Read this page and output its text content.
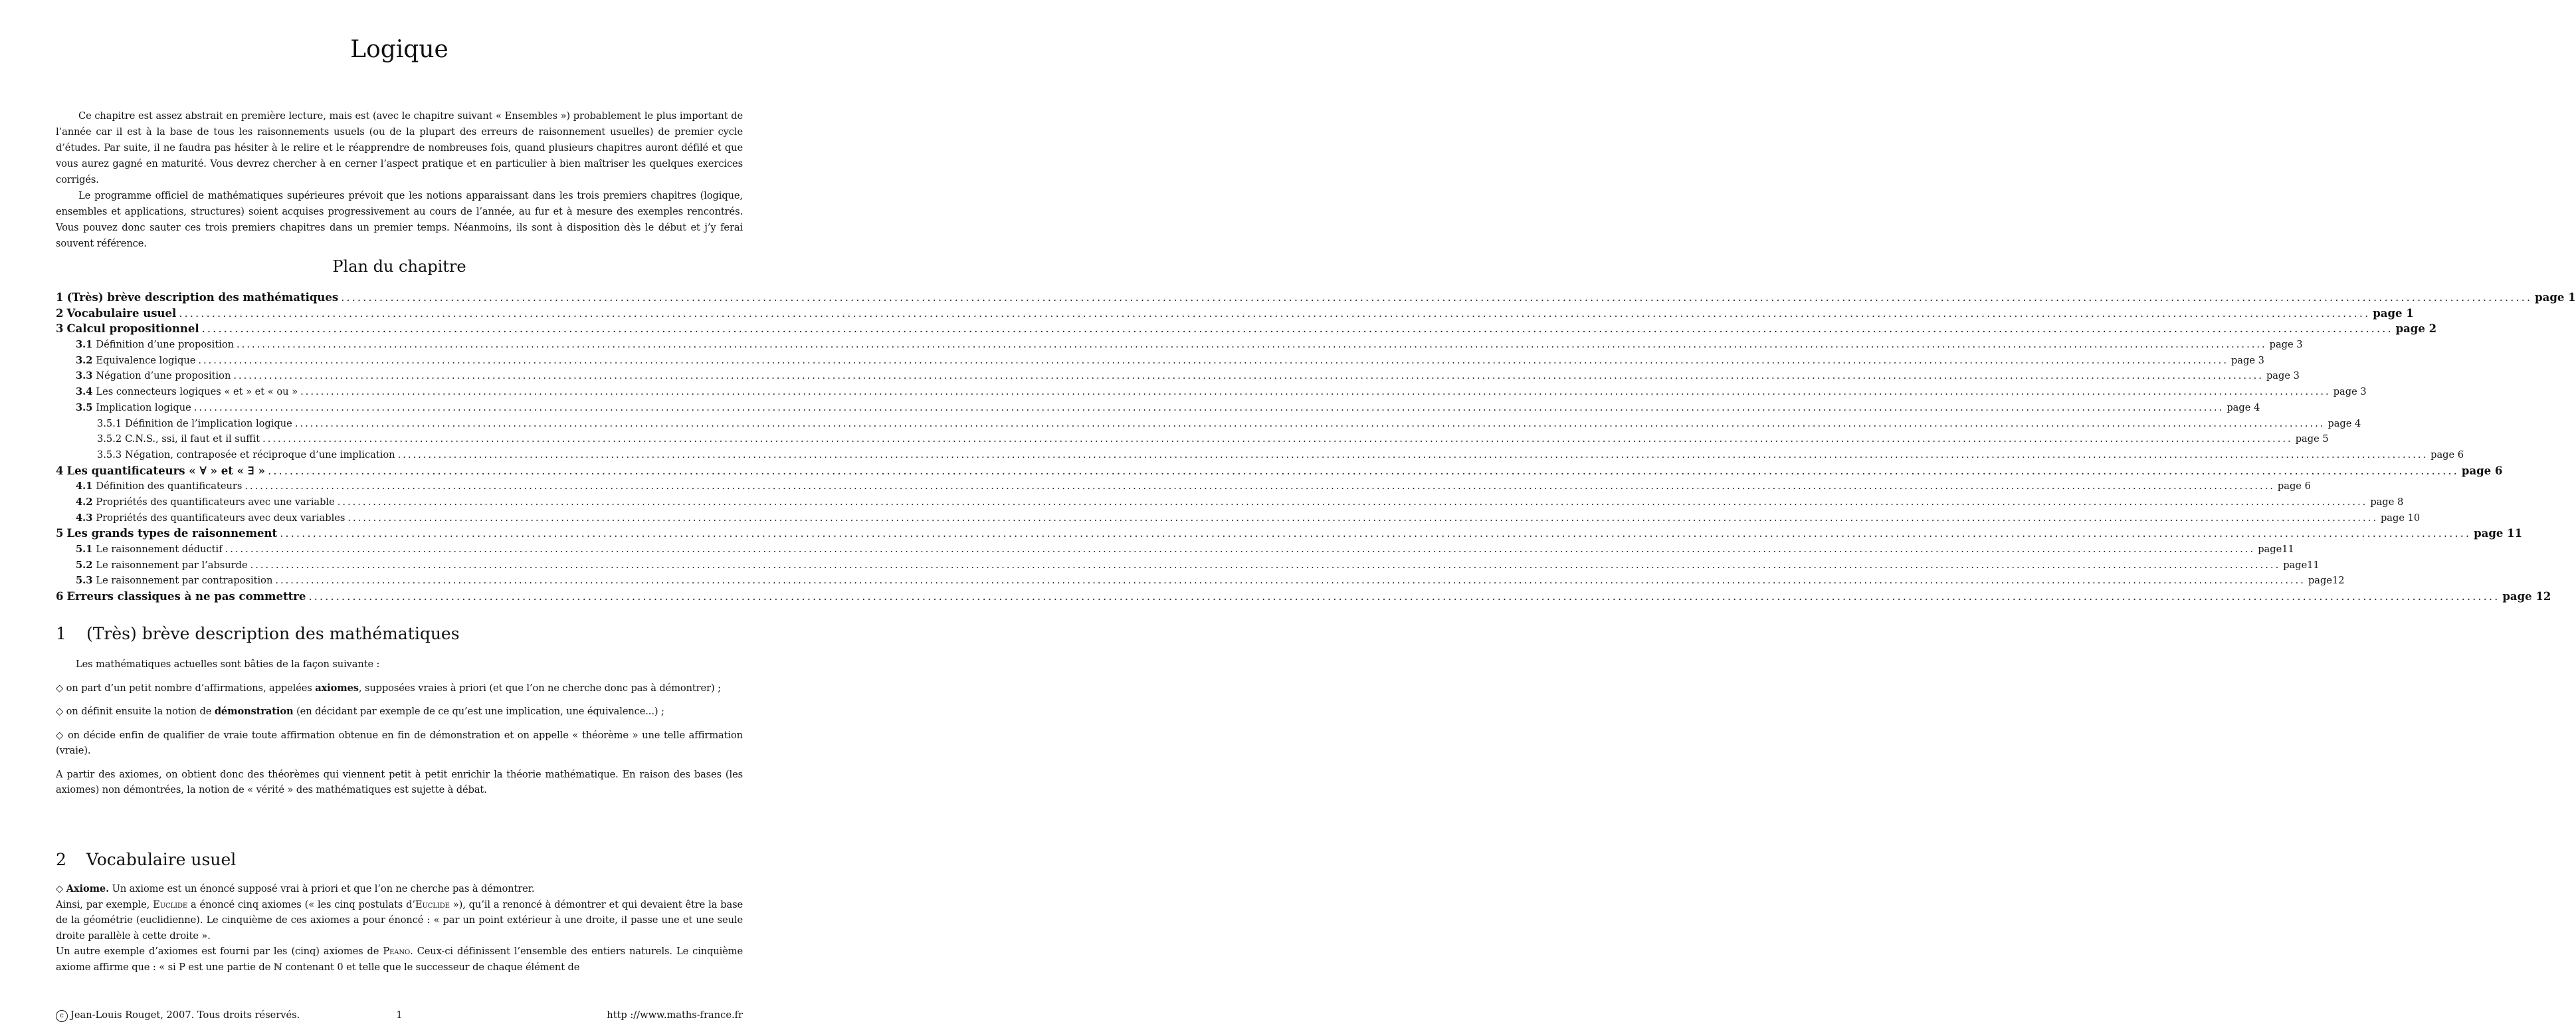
Logique

Ce chapitre est assez abstrait en première lecture, mais est (avec le chapitre suivant « Ensembles ») probablement le plus important de l’année car il est à la base de tous les raisonnements usuels (ou de la plupart des erreurs de raisonnement usuelles) de premier cycle d’études. Par suite, il ne faudra pas hésiter à le relire et le réapprendre de nombreuses fois, quand plusieurs chapitres auront défilé et que vous aurez gagné en maturité. Vous devrez chercher à en cerner l’aspect pratique et en particulier à bien maîtriser les quelques exercices corrigés.

Le programme officiel de mathématiques supérieures prévoit que les notions apparaissant dans les trois premiers chapitres (logique, ensembles et applications, structures) soient acquises progressivement au cours de l’année, au fur et à mesure des exemples rencontrés. Vous pouvez donc sauter ces trois premiers chapitres dans un premier temps. Néanmoins, ils sont à disposition dès le début et j’y ferai souvent référence.

Plan du chapitre
1 (Très) brève description des mathématiques ................................................................................................................................................................................................................................................................................................................................................................................................................ page 1
2 Vocabulaire usuel ................................................................................................................................................................................................................................................................................................................................................................................................................ page 1
3 Calcul propositionnel ................................................................................................................................................................................................................................................................................................................................................................................................................ page 2
3.1 Définition d’une proposition ................................................................................................................................................................................................................................................................................................................................................................................................................ page 3
3.2 Equivalence logique ................................................................................................................................................................................................................................................................................................................................................................................................................ page 3
3.3 Négation d’une proposition ................................................................................................................................................................................................................................................................................................................................................................................................................ page 3
3.4 Les connecteurs logiques « et » et « ou » ................................................................................................................................................................................................................................................................................................................................................................................................................ page 3
3.5 Implication logique ................................................................................................................................................................................................................................................................................................................................................................................................................ page 4
3.5.1 Définition de l’implication logique ................................................................................................................................................................................................................................................................................................................................................................................................................ page 4
3.5.2 C.N.S., ssi, il faut et il suffit ................................................................................................................................................................................................................................................................................................................................................................................................................ page 5
3.5.3 Négation, contraposée et réciproque d’une implication ................................................................................................................................................................................................................................................................................................................................................................................................................ page 6
4 Les quantificateurs « ∀ » et « ∃ » ................................................................................................................................................................................................................................................................................................................................................................................................................ page 6
4.1 Définition des quantificateurs ................................................................................................................................................................................................................................................................................................................................................................................................................ page 6
4.2 Propriétés des quantificateurs avec une variable ................................................................................................................................................................................................................................................................................................................................................................................................................ page 8
4.3 Propriétés des quantificateurs avec deux variables ................................................................................................................................................................................................................................................................................................................................................................................................................ page 10
5 Les grands types de raisonnement ................................................................................................................................................................................................................................................................................................................................................................................................................ page 11
5.1 Le raisonnement déductif ................................................................................................................................................................................................................................................................................................................................................................................................................ page11
5.2 Le raisonnement par l’absurde ................................................................................................................................................................................................................................................................................................................................................................................................................ page11
5.3 Le raisonnement par contraposition ................................................................................................................................................................................................................................................................................................................................................................................................................ page12
6 Erreurs classiques à ne pas commettre ................................................................................................................................................................................................................................................................................................................................................................................................................ page 12
1 (Très) brève description des mathématiques

Les mathématiques actuelles sont bâties de la façon suivante :

◇ on part d’un petit nombre d’affirmations, appelées axiomes, supposées vraies à priori (et que l’on ne cherche donc pas à démontrer) ;

◇ on définit ensuite la notion de démonstration (en décidant par exemple de ce qu’est une implication, une équivalence...) ;

◇ on décide enfin de qualifier de vraie toute affirmation obtenue en fin de démonstration et on appelle « théorème » une telle affirmation (vraie).

A partir des axiomes, on obtient donc des théorèmes qui viennent petit à petit enrichir la théorie mathématique. En raison des bases (les axiomes) non démontrées, la notion de « vérité » des mathématiques est sujette à débat.

2 Vocabulaire usuel

◇ Axiome. Un axiome est un énoncé supposé vrai à priori et que l’on ne cherche pas à démontrer.

Ainsi, par exemple, Euclide a énoncé cinq axiomes (« les cinq postulats d’Euclide »), qu’il a renoncé à démontrer et qui devaient être la base de la géométrie (euclidienne). Le cinquième de ces axiomes a pour énoncé : « par un point extérieur à une droite, il passe une et une seule droite parallèle à cette droite ».

Un autre exemple d’axiomes est fourni par les (cinq) axiomes de Peano. Ceux-ci définissent l’ensemble des entiers naturels. Le cinquième axiome affirme que : « si P est une partie de ℕ contenant 0 et telle que le successeur de chaque élément de

c Jean-Louis Rouget, 2007. Tous droits réservés.	1	http ://www.maths-france.fr
